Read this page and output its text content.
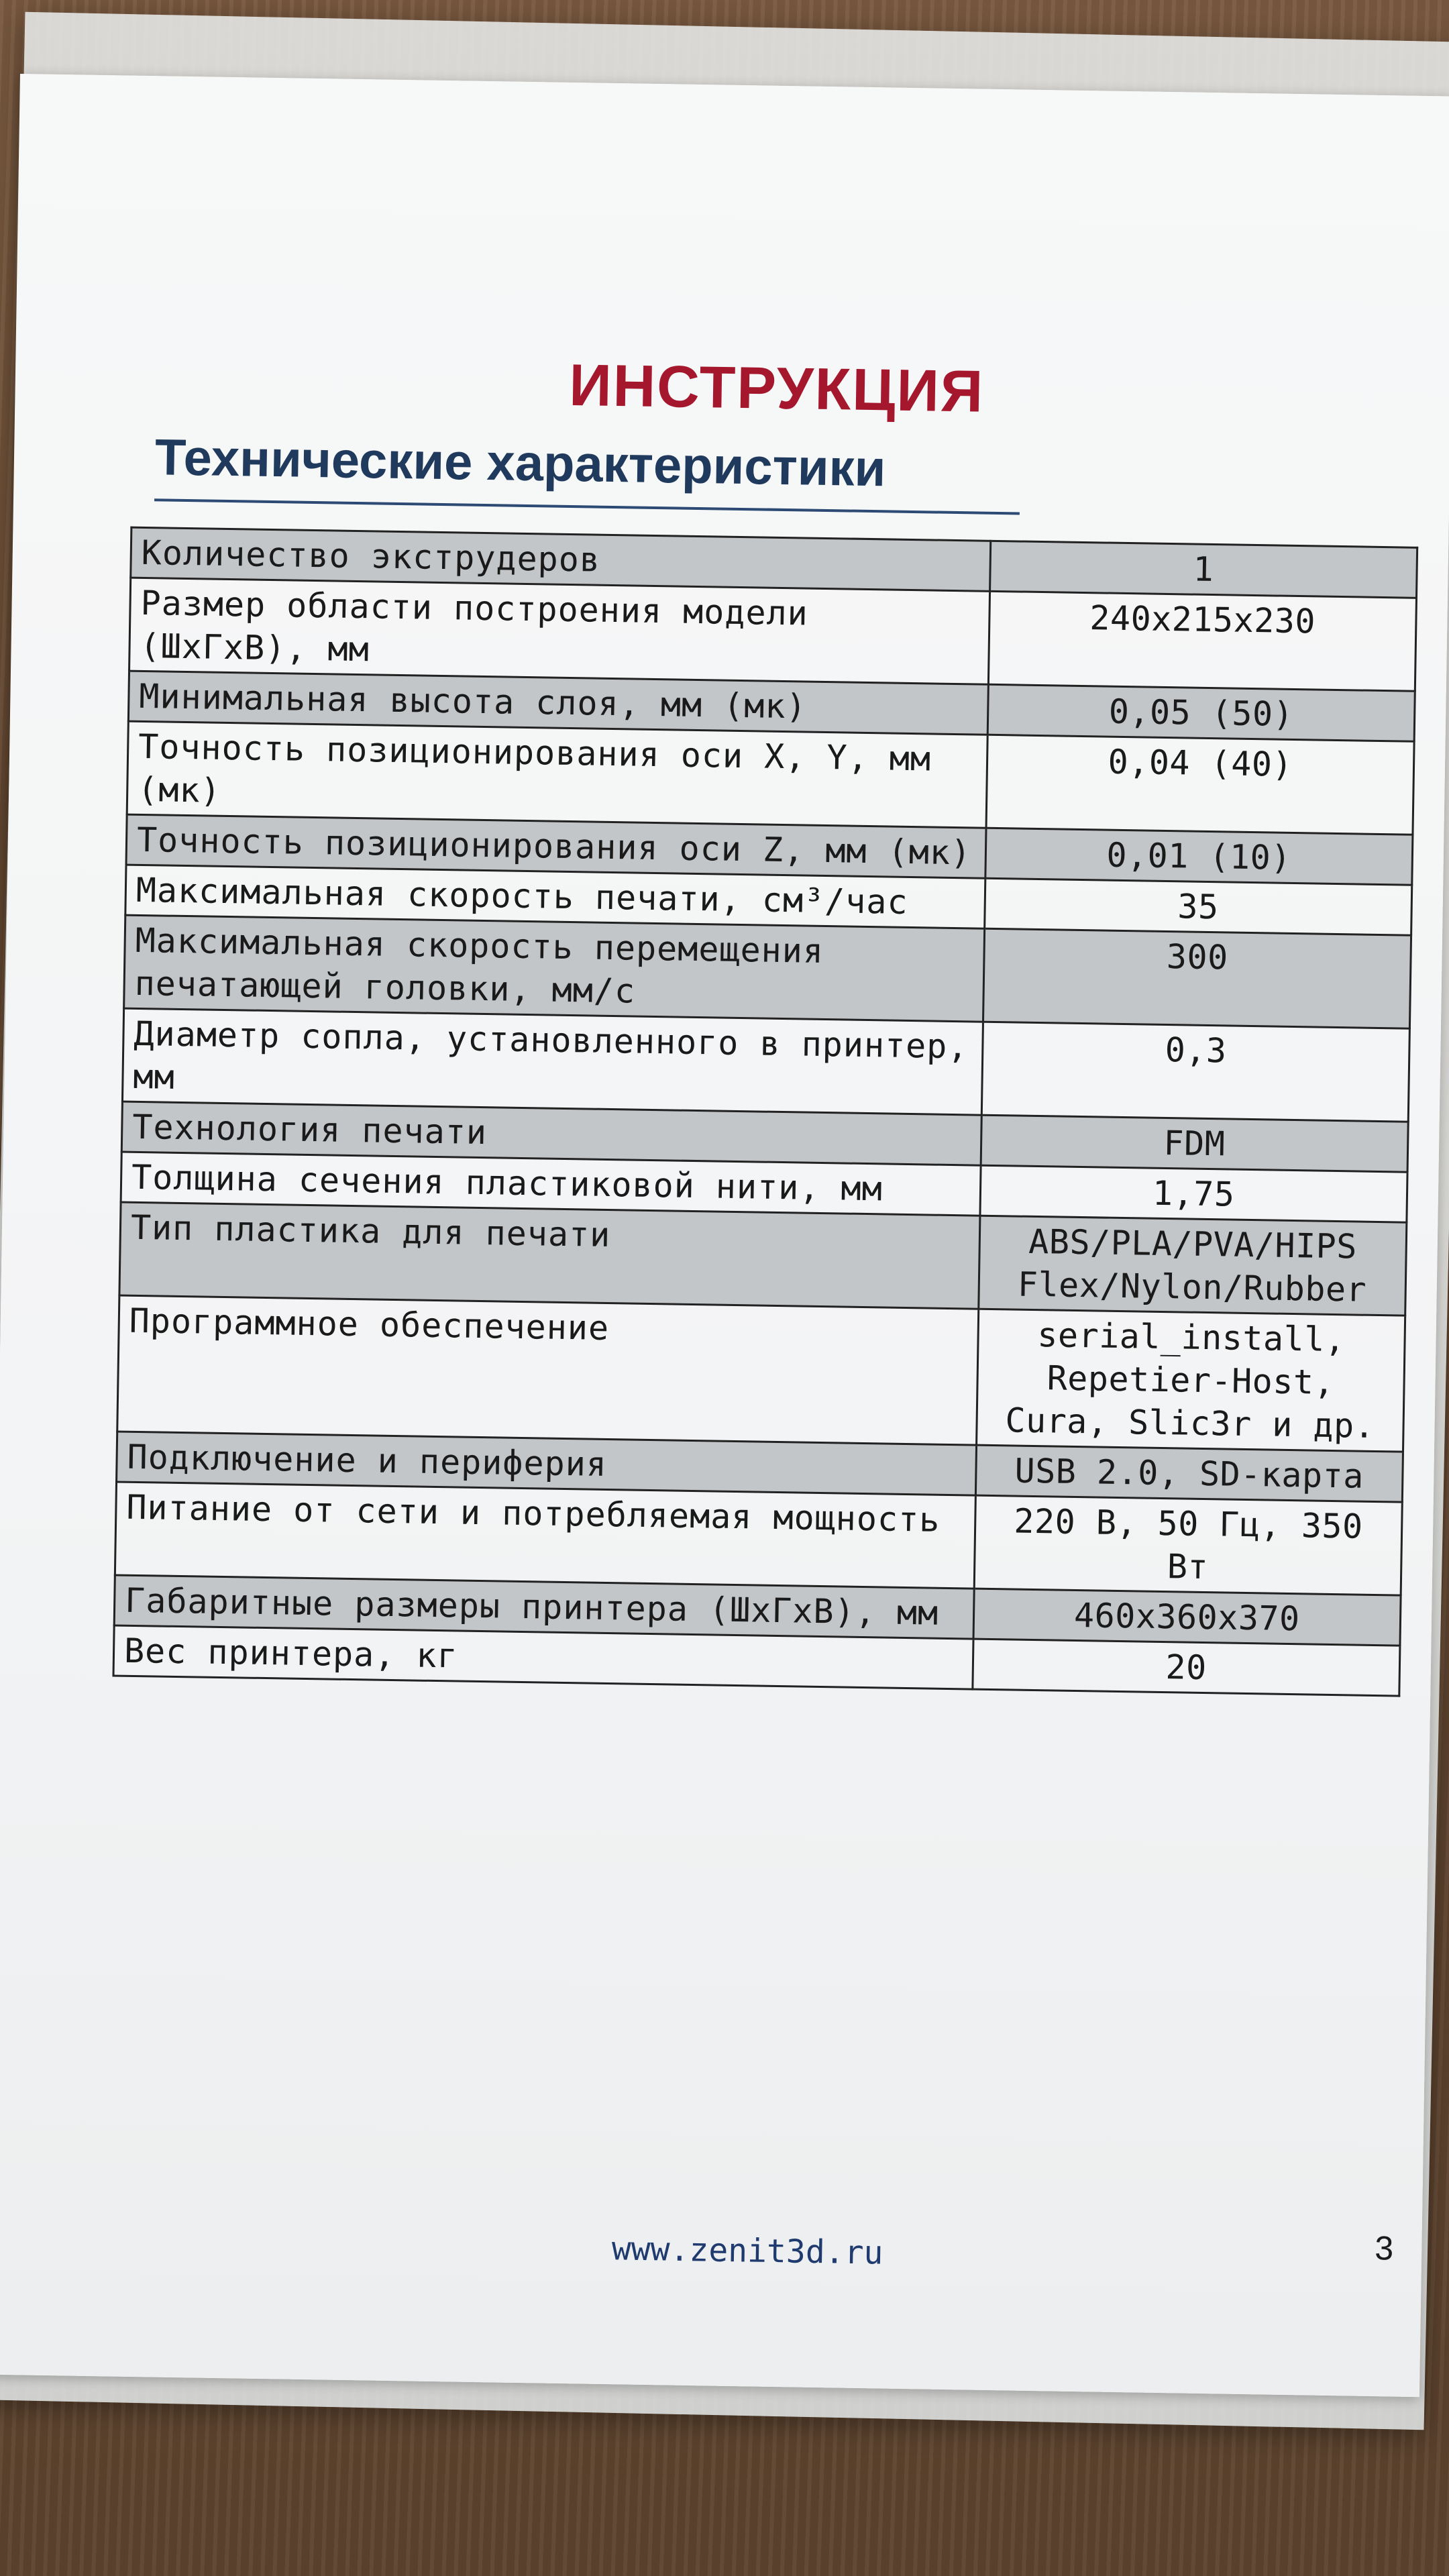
ИНСТРУКЦИЯ
Технические характеристики
Количество экструдеров	1
Размер области построения модели (ШхГхВ), мм	240х215х230
Минимальная высота слоя, мм (мк)	0,05 (50)
Точность позиционирования оси X, Y, мм (мк)	0,04 (40)
Точность позиционирования оси Z, мм (мк)	0,01 (10)
Максимальная скорость печати, см³/час	35
Максимальная скорость перемещения печатающей головки, мм/с	300
Диаметр сопла, установленного в принтер, мм	0,3
Технология печати	FDM
Толщина сечения пластиковой нити, мм	1,75
Тип пластика для печати	ABS/PLA/PVA/HIPS Flex/Nylon/Rubber
Программное обеспечение	serial_install, Repetier-Host, Cura, Slic3r и др.
Подключение и периферия	USB 2.0, SD-карта
Питание от сети и потребляемая мощность	220 В, 50 Гц, 350 Вт
Габаритные размеры принтера (ШхГхВ), мм	460х360х370
Вес принтера, кг	20
3
www.zenit3d.ru
